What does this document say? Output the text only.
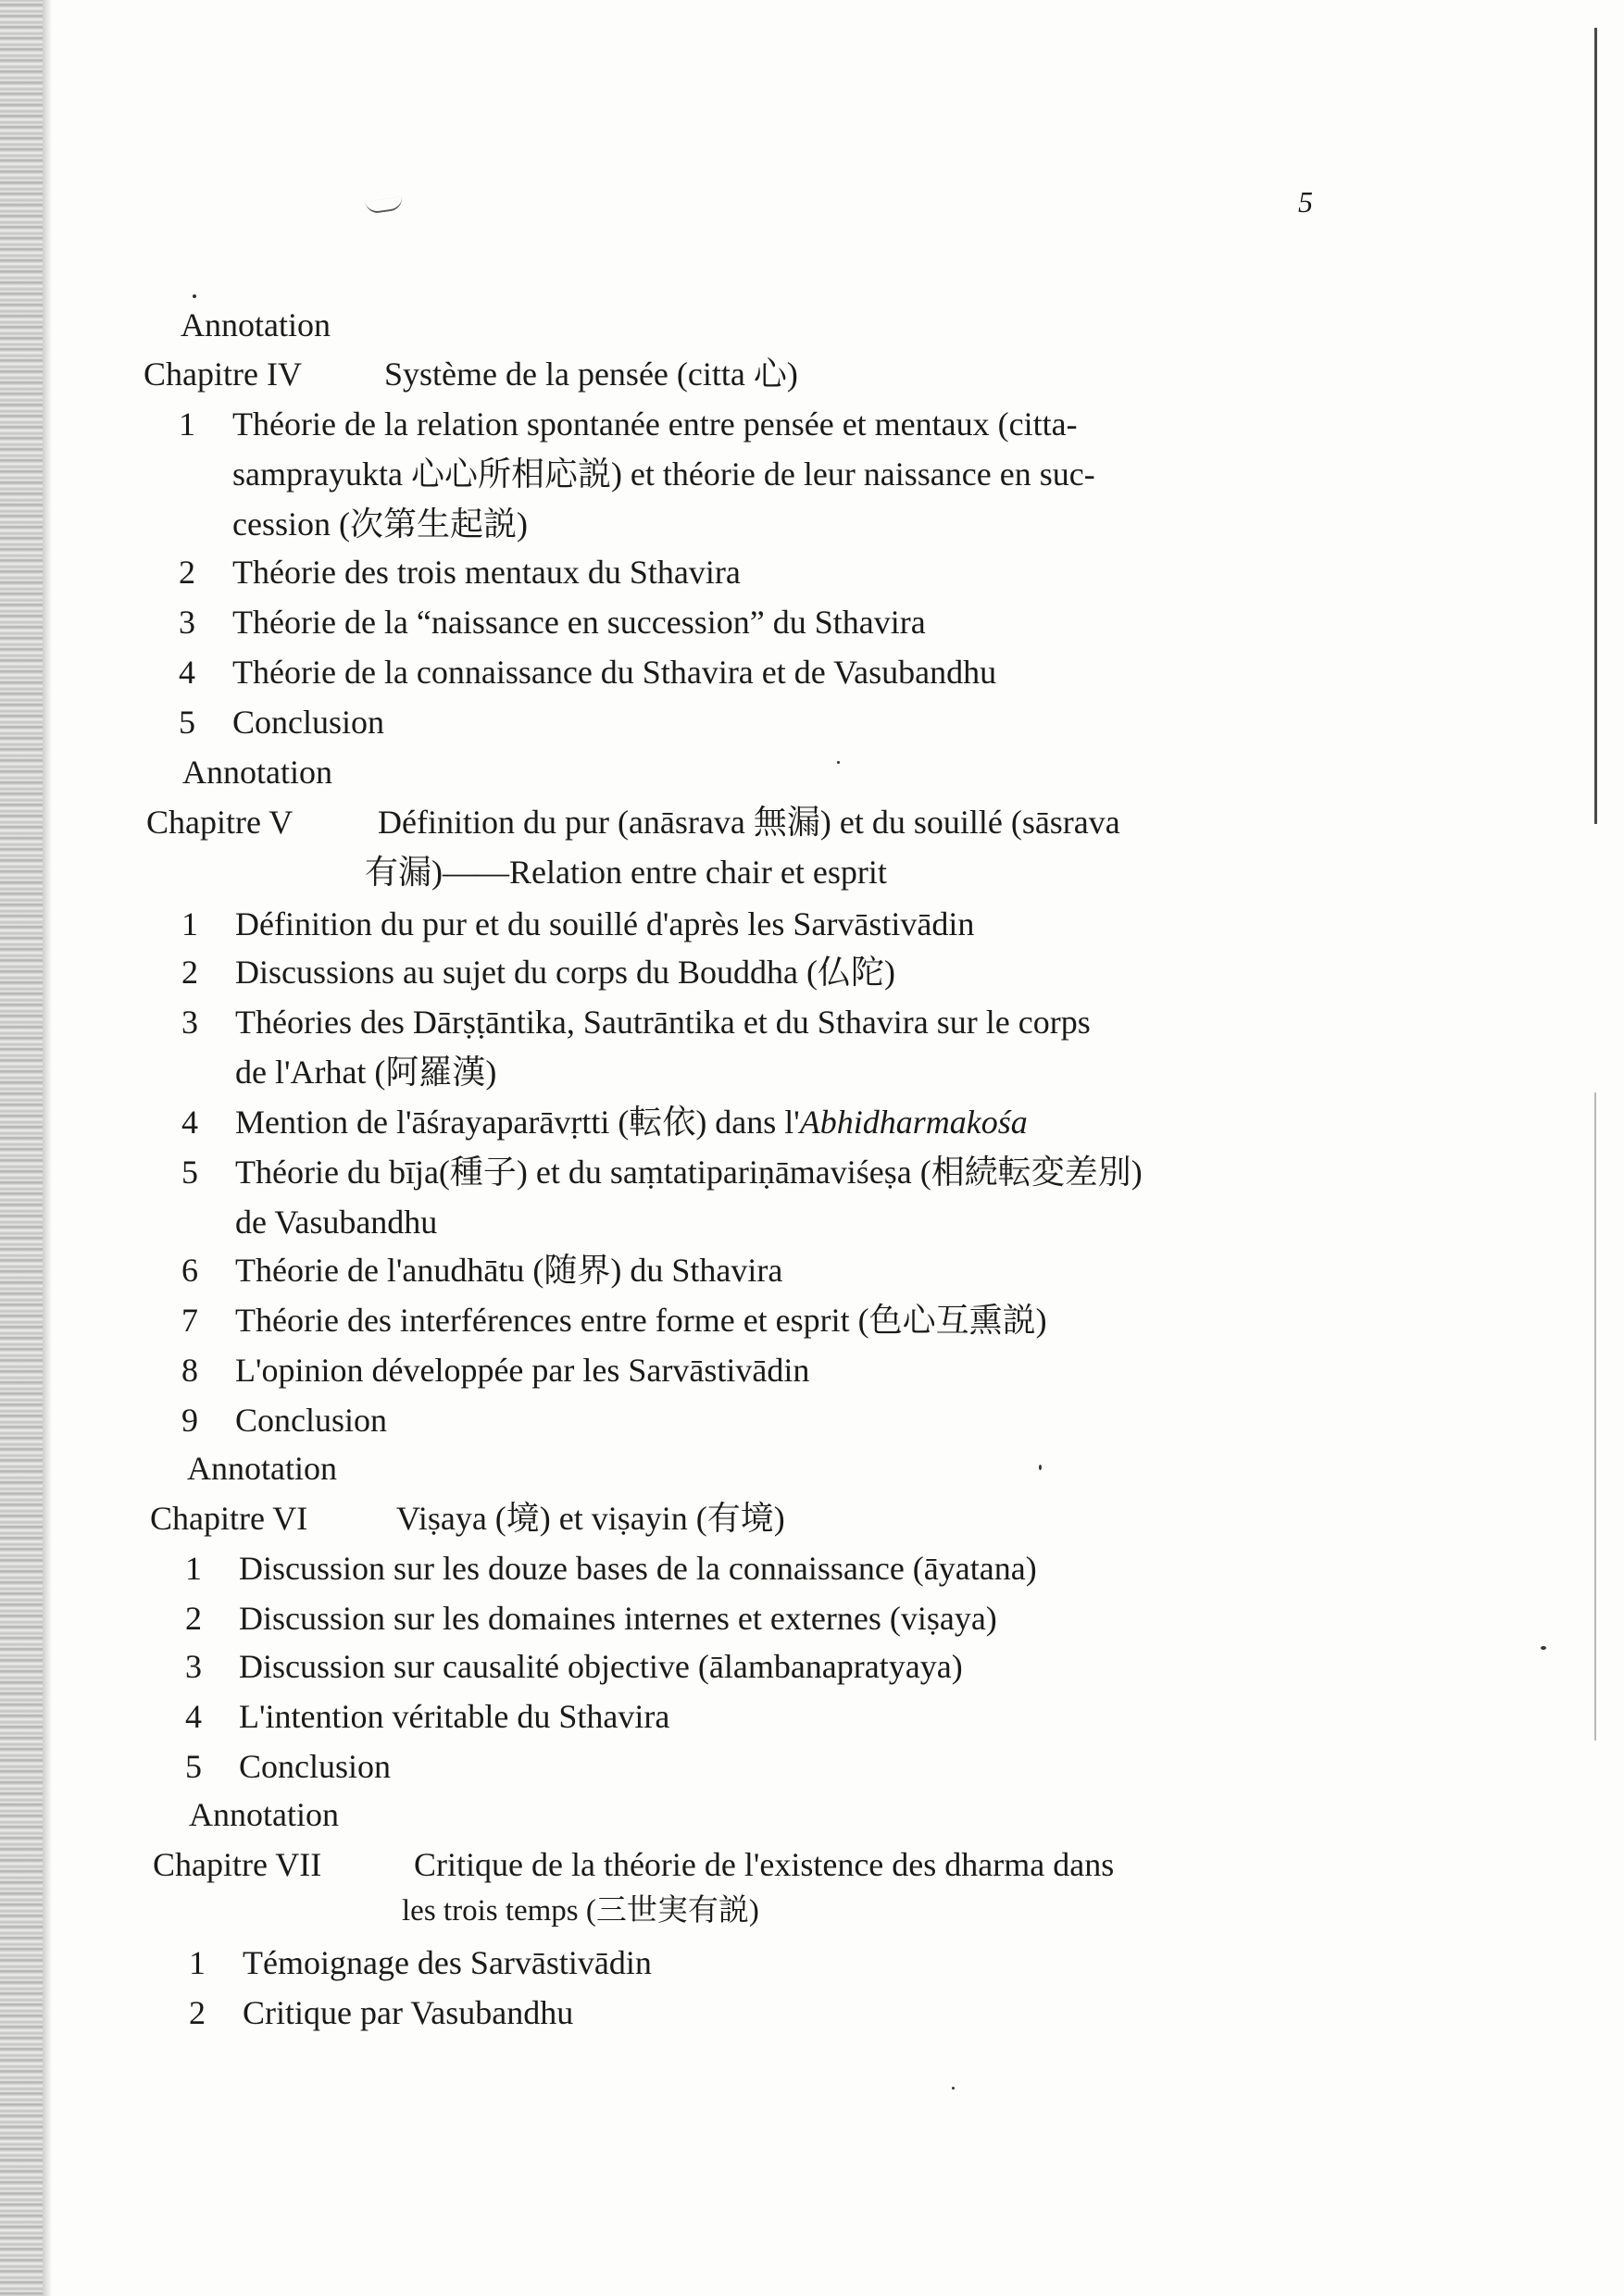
5
Annotation
Chapitre IV Système de la pensée (citta 心)
1 Théorie de la relation spontanée entre pensée et mentaux (citta-
samprayukta 心心所相応説) et théorie de leur naissance en suc-
cession (次第生起説)
2 Théorie des trois mentaux du Sthavira
3 Théorie de la “naissance en succession” du Sthavira
4 Théorie de la connaissance du Sthavira et de Vasubandhu
5 Conclusion
Annotation
Chapitre V	Définition du pur (anāsrava 無漏) et du souillé (sāsrava
有漏)——Relation entre chair et esprit
1 Définition du pur et du souillé d'après les Sarvāstivādin
2 Discussions au sujet du corps du Bouddha (仏陀)
3 Théories des Dārṣṭāntika, Sautrāntika et du Sthavira sur le corps
de l'Arhat (阿羅漢)
4 Mention de l'āśrayaparāvṛtti (転依) dans l'Abhidharmakośa
5 Théorie du bīja(種子) et du saṃtatipariṇāmaviśeṣa (相続転変差別)
de Vasubandhu
6 Théorie de l'anudhātu (随界) du Sthavira
7 Théorie des interférences entre forme et esprit (色心互熏説)
8 L'opinion développée par les Sarvāstivādin
9 Conclusion
Annotation
Chapitre VI	Viṣaya (境) et viṣayin (有境)
1 Discussion sur les douze bases de la connaissance (āyatana)
2 Discussion sur les domaines internes et externes (viṣaya)
3 Discussion sur causalité objective (ālambanapratyaya)
4 L'intention véritable du Sthavira
5 Conclusion
Annotation
Chapitre VII	Critique de la théorie de l'existence des dharma dans
les trois temps (三世実有説)
1 Témoignage des Sarvāstivādin
2 Critique par Vasubandhu
